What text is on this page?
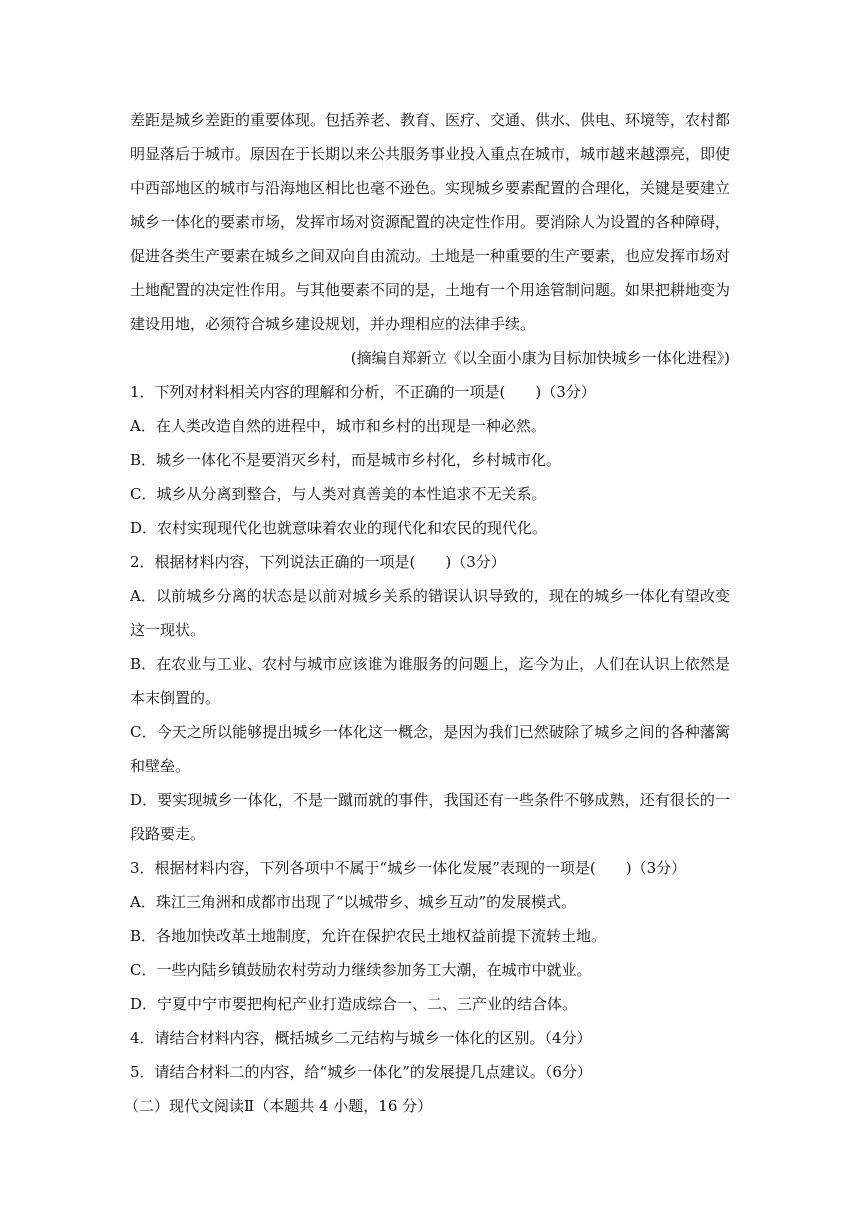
差距是城乡差距的重要体现。包括养老、教育、医疗、交通、供水、供电、环境等，农村都
明显落后于城市。原因在于长期以来公共服务事业投入重点在城市，城市越来越漂亮，即使
中西部地区的城市与沿海地区相比也毫不逊色。实现城乡要素配置的合理化，关键是要建立
城乡一体化的要素市场，发挥市场对资源配置的决定性作用。要消除人为设置的各种障碍，
促进各类生产要素在城乡之间双向自由流动。土地是一种重要的生产要素，也应发挥市场对
土地配置的决定性作用。与其他要素不同的是，土地有一个用途管制问题。如果把耕地变为
建设用地，必须符合城乡建设规划，并办理相应的法律手续。
(摘编自郑新立《以全面小康为目标加快城乡一体化进程》)
1．下列对材料相关内容的理解和分析，不正确的一项是(　　)（3分）
A．在人类改造自然的进程中，城市和乡村的出现是一种必然。
B．城乡一体化不是要消灭乡村，而是城市乡村化，乡村城市化。
C．城乡从分离到整合，与人类对真善美的本性追求不无关系。
D．农村实现现代化也就意味着农业的现代化和农民的现代化。
2．根据材料内容，下列说法正确的一项是(　　)（3分）
A．以前城乡分离的状态是以前对城乡关系的错误认识导致的，现在的城乡一体化有望改变
这一现状。
B．在农业与工业、农村与城市应该谁为谁服务的问题上，迄今为止，人们在认识上依然是
本末倒置的。
C．今天之所以能够提出城乡一体化这一概念，是因为我们已然破除了城乡之间的各种藩篱
和壁垒。
D．要实现城乡一体化，不是一蹴而就的事件，我国还有一些条件不够成熟，还有很长的一
段路要走。
3．根据材料内容，下列各项中不属于“城乡一体化发展”表现的一项是(　　)（3分）
A．珠江三角洲和成都市出现了“以城带乡、城乡互动”的发展模式。
B．各地加快改革土地制度，允许在保护农民土地权益前提下流转土地。
C．一些内陆乡镇鼓励农村劳动力继续参加务工大潮，在城市中就业。
D．宁夏中宁市要把枸杞产业打造成综合一、二、三产业的结合体。
4．请结合材料内容，概括城乡二元结构与城乡一体化的区别。（4分）
5．请结合材料二的内容，给“城乡一体化”的发展提几点建议。（6分）
（二）现代文阅读Ⅱ（本题共 4 小题，16 分）
